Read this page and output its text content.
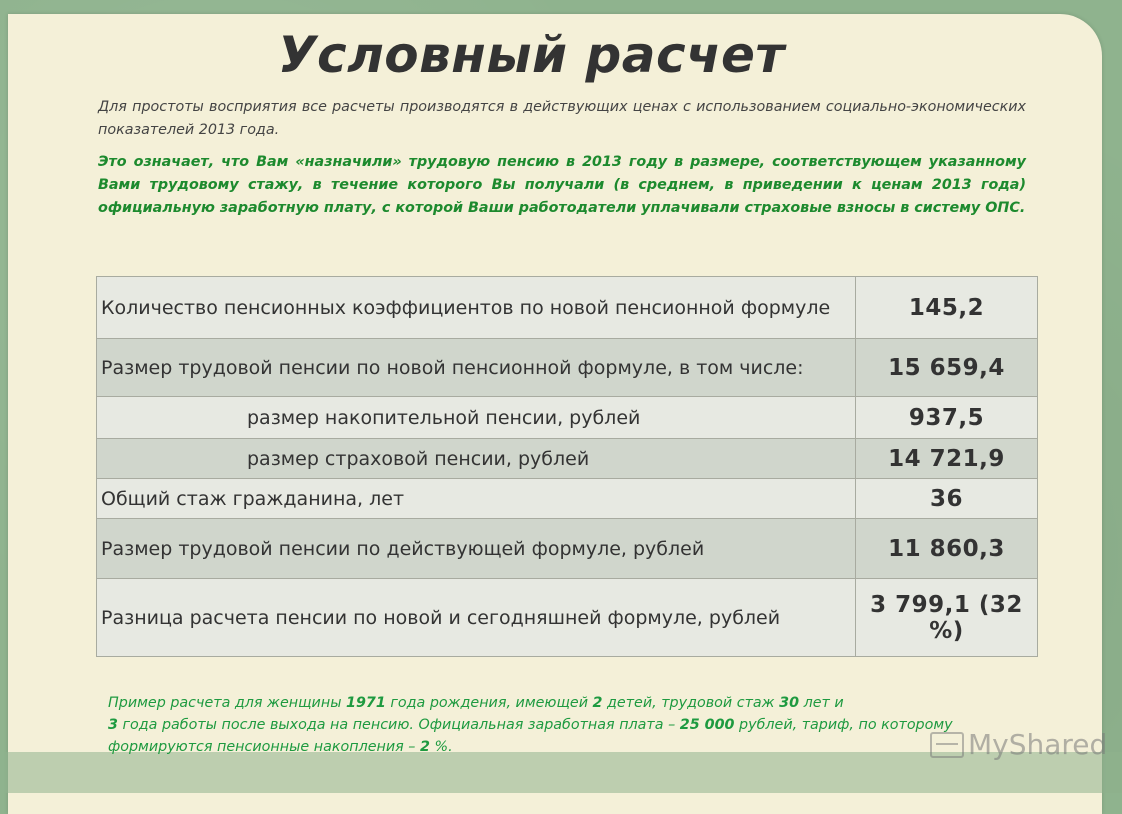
Условный расчет
Для простоты восприятия все расчеты производятся в действующих ценах с использованием социально-экономических показателей 2013 года.
Это означает, что Вам «назначили» трудовую пенсию в 2013 году в размере, соответствующем указанному Вами трудовому стажу, в течение которого Вы получали (в среднем, в приведении к ценам 2013 года) официальную заработную плату, с которой Ваши работодатели уплачивали страховые взносы в систему ОПС.
Количество пенсионных коэффициентов по новой пенсионной формуле	145,2
Размер трудовой пенсии по новой пенсионной формуле, в том числе:	15 659,4
размер накопительной пенсии, рублей	937,5
размер страховой пенсии, рублей	14 721,9
Общий стаж гражданина, лет	36
Размер трудовой пенсии по действующей формуле, рублей	11 860,3
Разница расчета пенсии по новой и сегодняшней формуле, рублей	3 799,1 (32 %)
Пример расчета для женщины 1971 года рождения, имеющей 2 детей, трудовой стаж 30 лет и
3 года работы после выхода на пенсию. Официальная заработная плата – 25 000 рублей, тариф, по которому формируются пенсионные накопления – 2 %.	MyShared
